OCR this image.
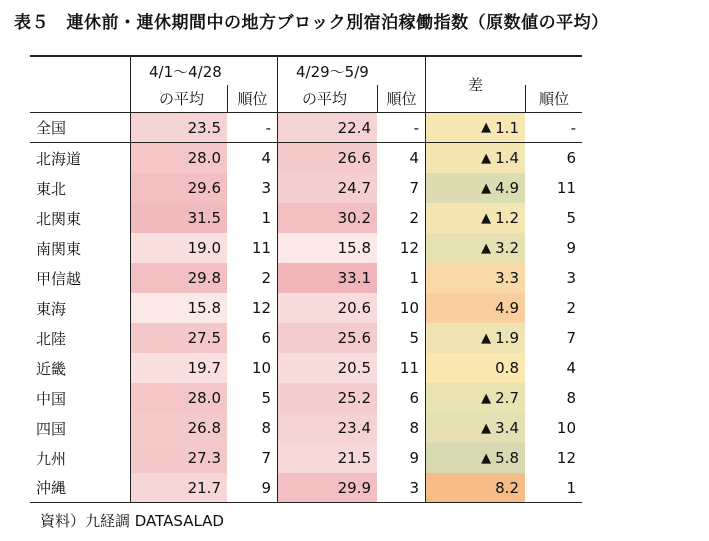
表５　連休前・連休期間中の地方ブロック別宿泊稼働指数（原数値の平均）
4/1～4/28	4/29～5/9
差
の平均	順位	の平均	順位	順位
全国	23.5	-	22.4	-	▲ 1.1	-
北海道	28.0	4	26.6	4	▲ 1.4	6
東北	29.6	3	24.7	7	▲ 4.9	11
北関東	31.5	1	30.2	2	▲ 1.2	5
南関東	19.0	11	15.8	12	▲ 3.2	9
甲信越	29.8	2	33.1	1	3.3	3
東海	15.8	12	20.6	10	4.9	2
北陸	27.5	6	25.6	5	▲ 1.9	7
近畿	19.7	10	20.5	11	0.8	4
中国	28.0	5	25.2	6	▲ 2.7	8
四国	26.8	8	23.4	8	▲ 3.4	10
九州	27.3	7	21.5	9	▲ 5.8	12
沖縄	21.7	9	29.9	3	8.2	1
資料）九経調 DATASALAD
